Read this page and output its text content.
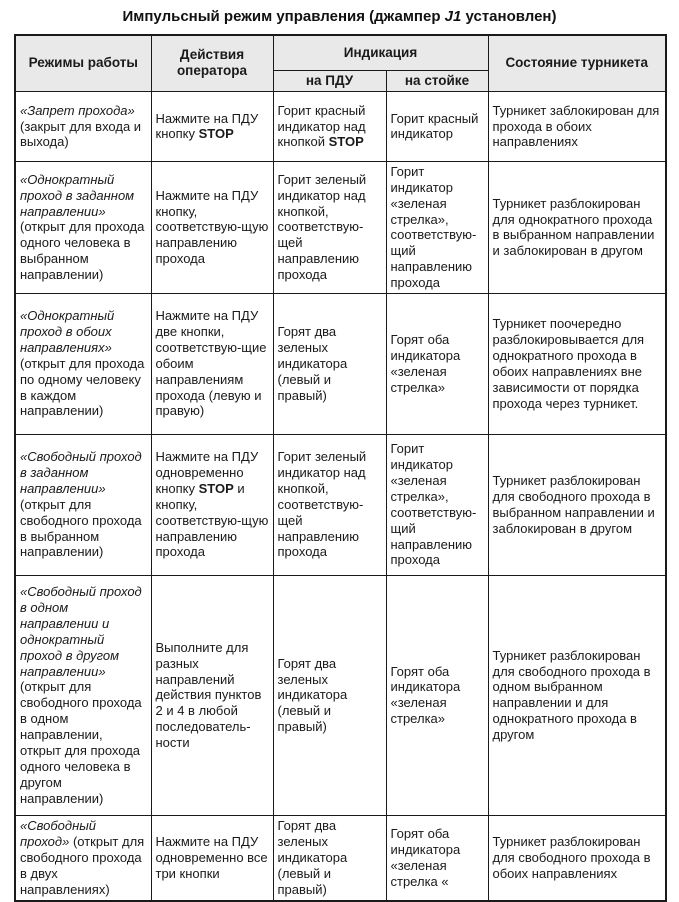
Импульсный режим управления (джампер J1 установлен)
Режимы работы	Действия оператора	Индикация		Состояние турникета
		на ПДУ	на стойке	
«Запрет прохода» (закрыт для входа и выхода)	Нажмите на ПДУ кнопку STOP	Горит красный индикатор над кнопкой STOP	Горит красный индикатор	Турникет заблокирован для прохода в обоих направлениях
«Однократный проход в заданном направлении» (открыт для прохода одного человека в выбранном направлении)	Нажмите на ПДУ кнопку, соответствую-щую направлению прохода	Горит зеленый индикатор над кнопкой, соответствую-щей направлению прохода	Горит индикатор «зеленая стрелка», соответствую-щий направлению прохода	Турникет разблокирован для однократного прохода в выбранном направлении и заблокирован в другом
«Однократный проход в обоих направлениях» (открыт для прохода по одному человеку в каждом направлении)	Нажмите на ПДУ две кнопки, соответствую-щие обоим направлениям прохода (левую и правую)	Горят два зеленых индикатора (левый и правый)	Горят оба индикатора «зеленая стрелка»	Турникет поочередно разблокировывается для однократного прохода в обоих направлениях вне зависимости от порядка прохода через турникет.
«Свободный проход в заданном направлении» (открыт для свободного прохода в выбранном направлении)	Нажмите на ПДУ одновременно кнопку STOP и кнопку, соответствую-щую направлению прохода	Горит зеленый индикатор над кнопкой, соответствую-щей направлению прохода	Горит индикатор «зеленая стрелка», соответствую-щий направлению прохода	Турникет разблокирован для свободного прохода в выбранном направлении и заблокирован в другом
«Свободный проход в одном направлении и однократный проход в другом направлении» (открыт для свободного прохода в одном направлении, открыт для прохода одного человека в другом направлении)	Выполните для разных направлений действия пунктов 2 и 4 в любой последователь-ности	Горят два зеленых индикатора (левый и правый)	Горят оба индикатора «зеленая стрелка»	Турникет разблокирован для свободного прохода в одном выбранном направлении и для однократного прохода в другом
«Свободный проход» (открыт для свободного прохода в двух направлениях)	Нажмите на ПДУ одновременно все три кнопки	Горят два зеленых индикатора (левый и правый)	Горят оба индикатора «зеленая стрелка «	Турникет разблокирован для свободного прохода в обоих направлениях
